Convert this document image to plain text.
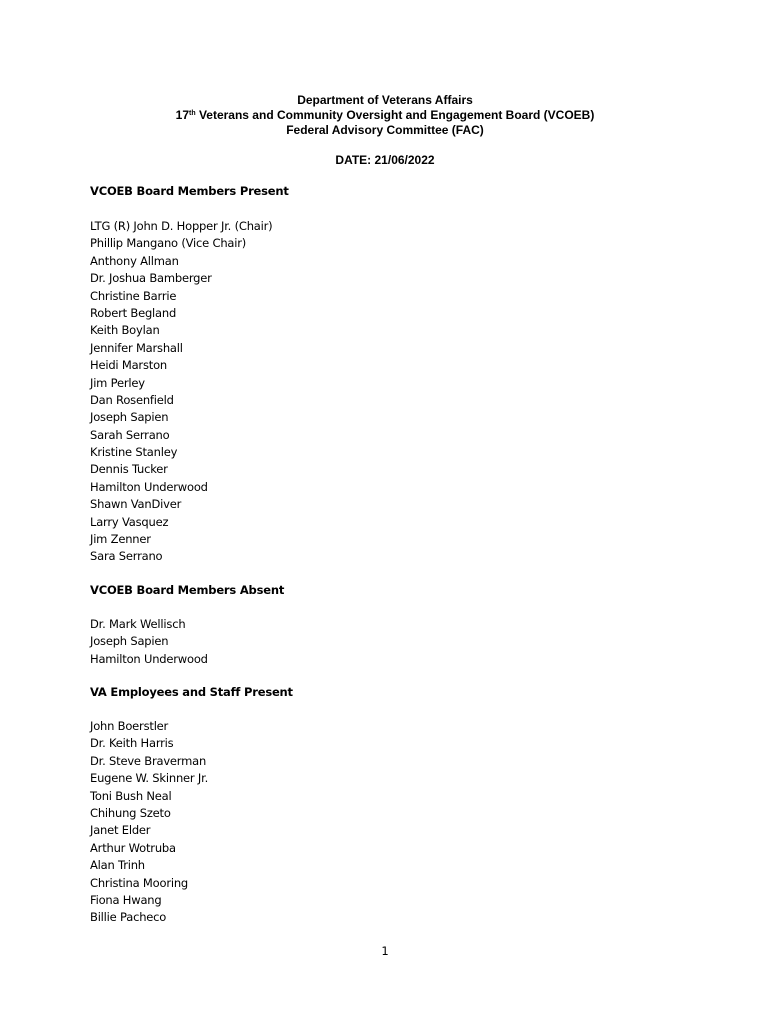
Department of Veterans Affairs
17th Veterans and Community Oversight and Engagement Board (VCOEB)
Federal Advisory Committee (FAC)
DATE: 21/06/2022
VCOEB Board Members Present
LTG (R) John D. Hopper Jr. (Chair)
Phillip Mangano (Vice Chair)
Anthony Allman
Dr. Joshua Bamberger
Christine Barrie
Robert Begland
Keith Boylan
Jennifer Marshall
Heidi Marston
Jim Perley
Dan Rosenfield
Joseph Sapien
Sarah Serrano
Kristine Stanley
Dennis Tucker
Hamilton Underwood
Shawn VanDiver
Larry Vasquez
Jim Zenner
Sara Serrano
VCOEB Board Members Absent
Dr. Mark Wellisch
Joseph Sapien
Hamilton Underwood
VA Employees and Staff Present
John Boerstler
Dr. Keith Harris
Dr. Steve Braverman
Eugene W. Skinner Jr.
Toni Bush Neal
Chihung Szeto
Janet Elder
Arthur Wotruba
Alan Trinh
Christina Mooring
Fiona Hwang
Billie Pacheco
1
